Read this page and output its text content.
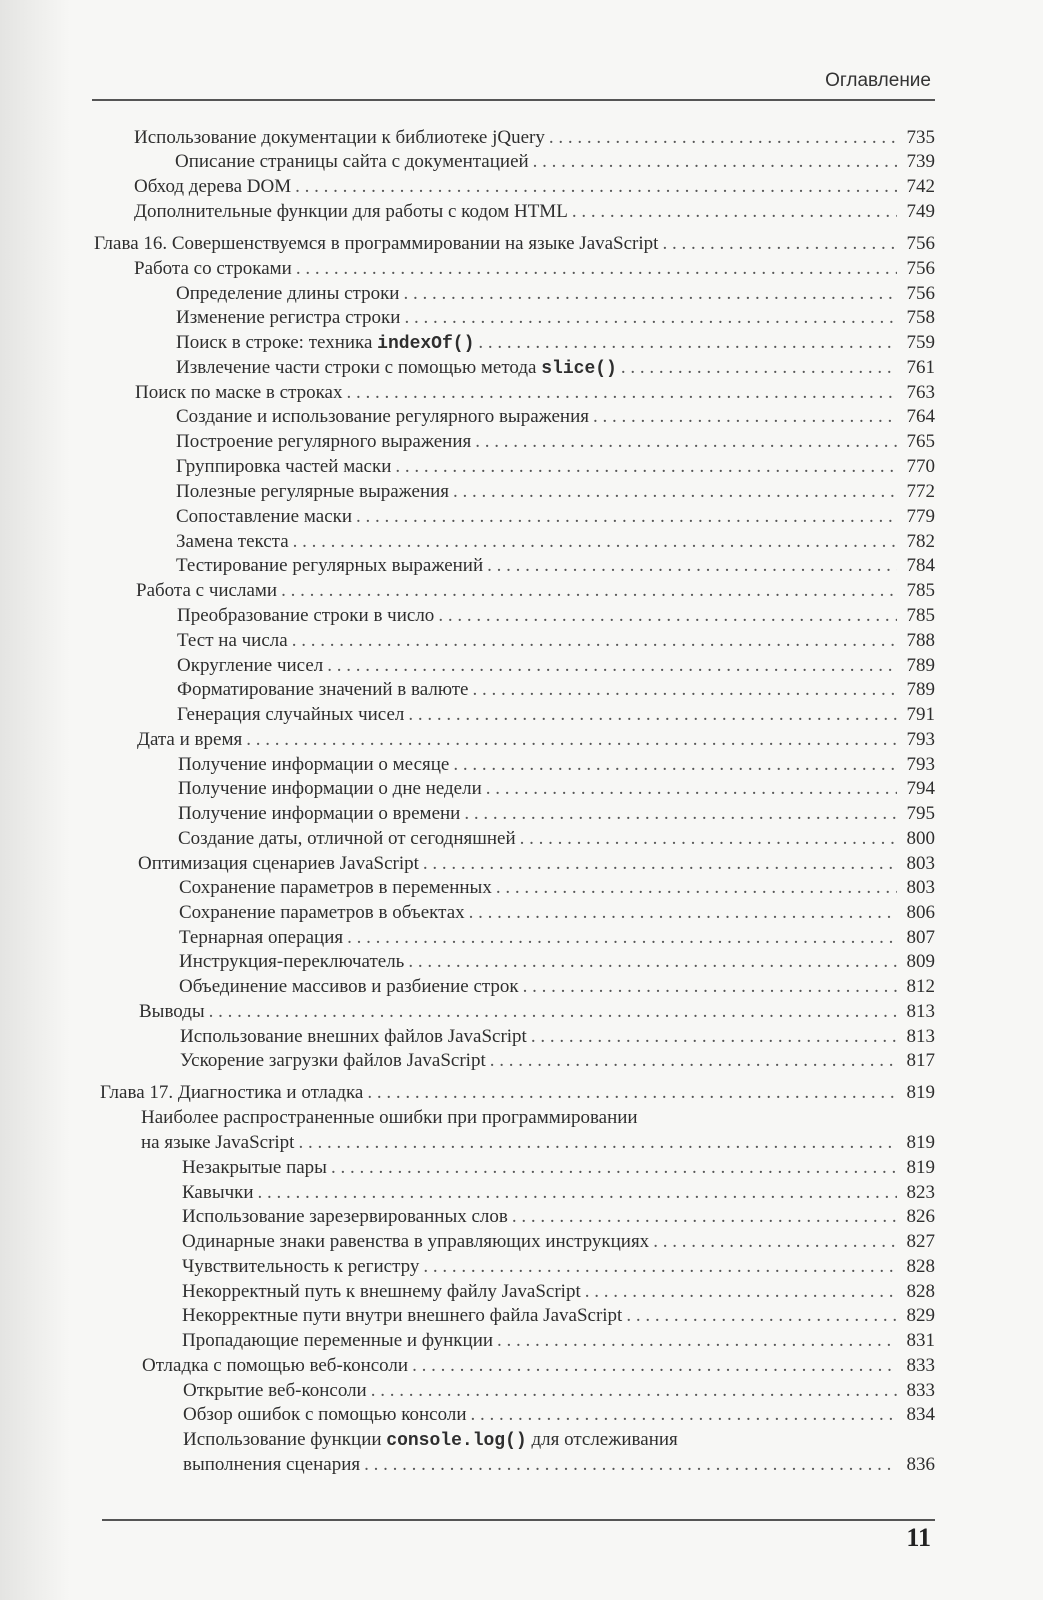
Оглавление
Использование документации к библиотеке jQuery . . .	735
Описание страницы сайта с документацией . . .	739
Обход дерева DOM . . .	742
Дополнительные функции для работы с кодом HTML . . .	749
Глава 16. Совершенствуемся в программировании на языке JavaScript . . .	756
Работа со строками . . .	756
Определение длины строки . . .	756
Изменение регистра строки . . .	758
Поиск в строке: техника indexOf() . . .	759
Извлечение части строки с помощью метода slice() . . .	761
Поиск по маске в строках . . .	763
Создание и использование регулярного выражения . . .	764
Построение регулярного выражения . . .	765
Группировка частей маски . . .	770
Полезные регулярные выражения . . .	772
Сопоставление маски . . .	779
Замена текста . . .	782
Тестирование регулярных выражений . . .	784
Работа с числами . . .	785
Преобразование строки в число . . .	785
Тест на числа . . .	788
Округление чисел . . .	789
Форматирование значений в валюте . . .	789
Генерация случайных чисел . . .	791
Дата и время . . .	793
Получение информации о месяце . . .	793
Получение информации о дне недели . . .	794
Получение информации о времени . . .	795
Создание даты, отличной от сегодняшней . . .	800
Оптимизация сценариев JavaScript . . .	803
Сохранение параметров в переменных . . .	803
Сохранение параметров в объектах . . .	806
Тернарная операция . . .	807
Инструкция-переключатель . . .	809
Объединение массивов и разбиение строк . . .	812
Выводы . . .	813
Использование внешних файлов JavaScript . . .	813
Ускорение загрузки файлов JavaScript . . .	817
Глава 17. Диагностика и отладка . . .	819
Наиболее распространенные ошибки при программировании
на языке JavaScript . . .	819
Незакрытые пары . . .	819
Кавычки . . .	823
Использование зарезервированных слов . . .	826
Одинарные знаки равенства в управляющих инструкциях . . .	827
Чувствительность к регистру . . .	828
Некорректный путь к внешнему файлу JavaScript . . .	828
Некорректные пути внутри внешнего файла JavaScript . . .	829
Пропадающие переменные и функции . . .	831
Отладка с помощью веб-консоли . . .	833
Открытие веб-консоли . . .	833
Обзор ошибок с помощью консоли . . .	834
Использование функции console.log() для отслеживания
выполнения сценария . . .	836
11
